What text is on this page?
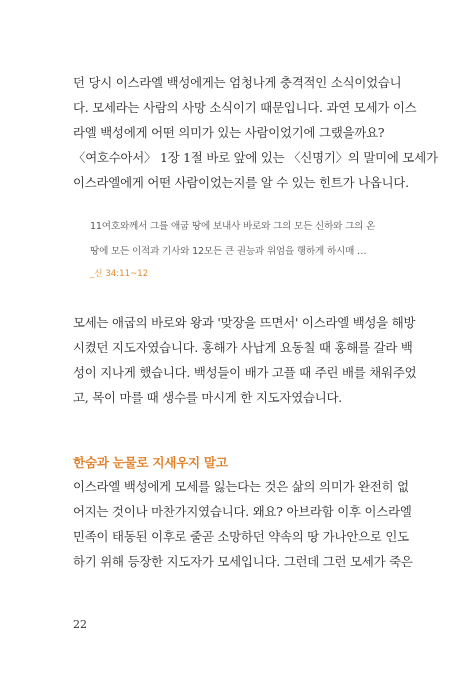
던 당시 이스라엘 백성에게는 엄청나게 충격적인 소식이었습니
다. 모세라는 사람의 사망 소식이기 때문입니다. 과연 모세가 이스
라엘 백성에게 어떤 의미가 있는 사람이었기에 그랬을까요?
〈여호수아서〉 1장 1절 바로 앞에 있는 〈신명기〉의 말미에 모세가
이스라엘에게 어떤 사람이었는지를 알 수 있는 힌트가 나옵니다.
11여호와께서 그를 애굽 땅에 보내사 바로와 그의 모든 신하와 그의 온
땅에 모든 이적과 기사와 12모든 큰 권능과 위엄을 행하게 하시매 …
_신 34:11~12
모세는 애굽의 바로와 왕과 '맞장을 뜨면서' 이스라엘 백성을 해방
시켰던 지도자였습니다. 홍해가 사납게 요동칠 때 홍해를 갈라 백
성이 지나게 했습니다. 백성들이 배가 고플 때 주린 배를 채워주었
고, 목이 마를 때 생수를 마시게 한 지도자였습니다.
한숨과 눈물로 지새우지 말고
이스라엘 백성에게 모세를 잃는다는 것은 삶의 의미가 완전히 없
어지는 것이나 마찬가지였습니다. 왜요? 아브라함 이후 이스라엘
민족이 태동된 이후로 줄곧 소망하던 약속의 땅 가나안으로 인도
하기 위해 등장한 지도자가 모세입니다. 그런데 그런 모세가 죽은
22
